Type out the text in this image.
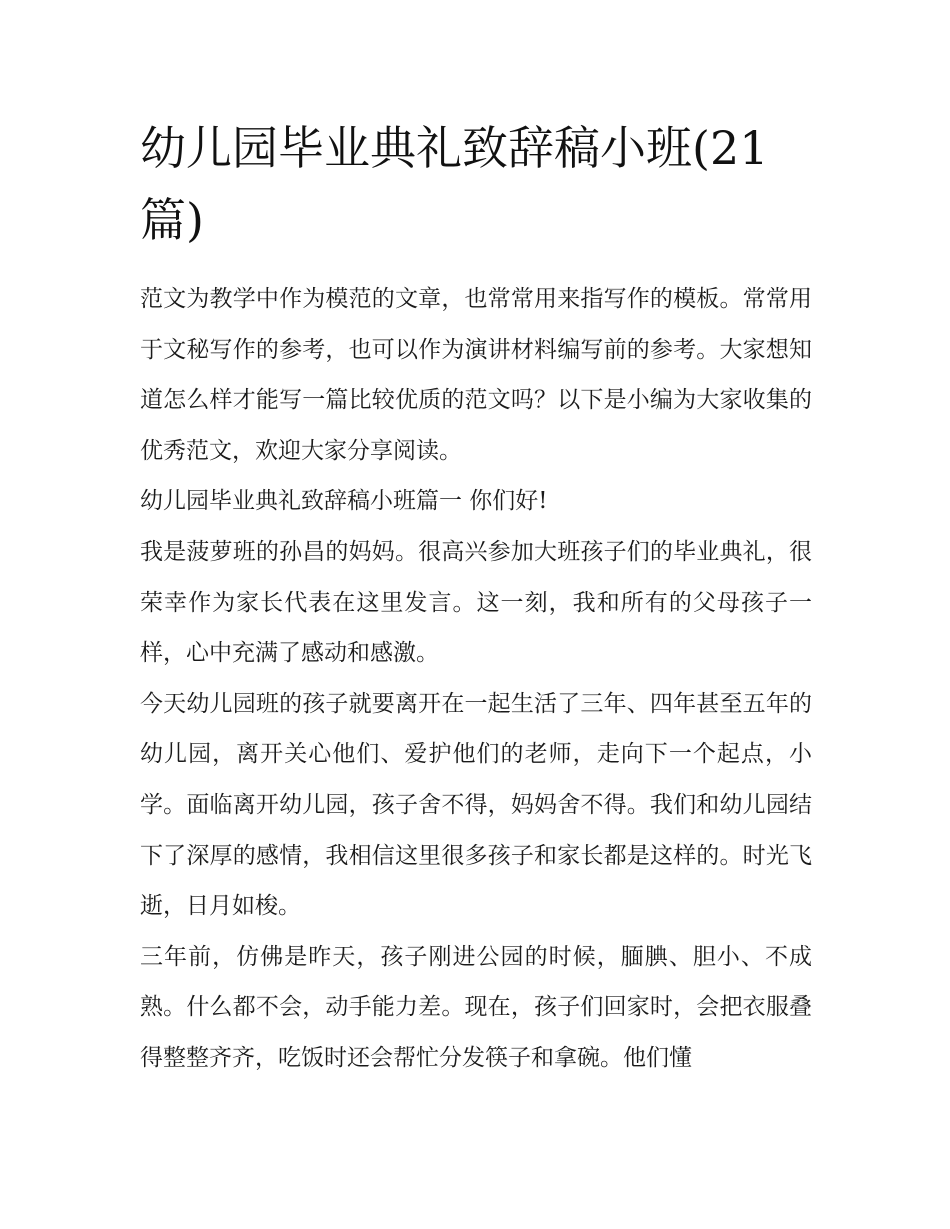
幼儿园毕业典礼致辞稿小班(21篇)

范文为教学中作为模范的文章，也常常用来指写作的模板。常常用于文秘写作的参考，也可以作为演讲材料编写前的参考。大家想知道怎么样才能写一篇比较优质的范文吗？以下是小编为大家收集的优秀范文，欢迎大家分享阅读。

幼儿园毕业典礼致辞稿小班篇一 你们好!

我是菠萝班的孙昌的妈妈。很高兴参加大班孩子们的毕业典礼，很荣幸作为家长代表在这里发言。这一刻，我和所有的父母孩子一样，心中充满了感动和感激。

今天幼儿园班的孩子就要离开在一起生活了三年、四年甚至五年的幼儿园，离开关心他们、爱护他们的老师，走向下一个起点，小学。面临离开幼儿园，孩子舍不得，妈妈舍不得。我们和幼儿园结下了深厚的感情，我相信这里很多孩子和家长都是这样的。时光飞逝，日月如梭。

三年前，仿佛是昨天，孩子刚进公园的时候，腼腆、胆小、不成熟。什么都不会，动手能力差。现在，孩子们回家时，会把衣服叠得整整齐齐，吃饭时还会帮忙分发筷子和拿碗。他们懂
